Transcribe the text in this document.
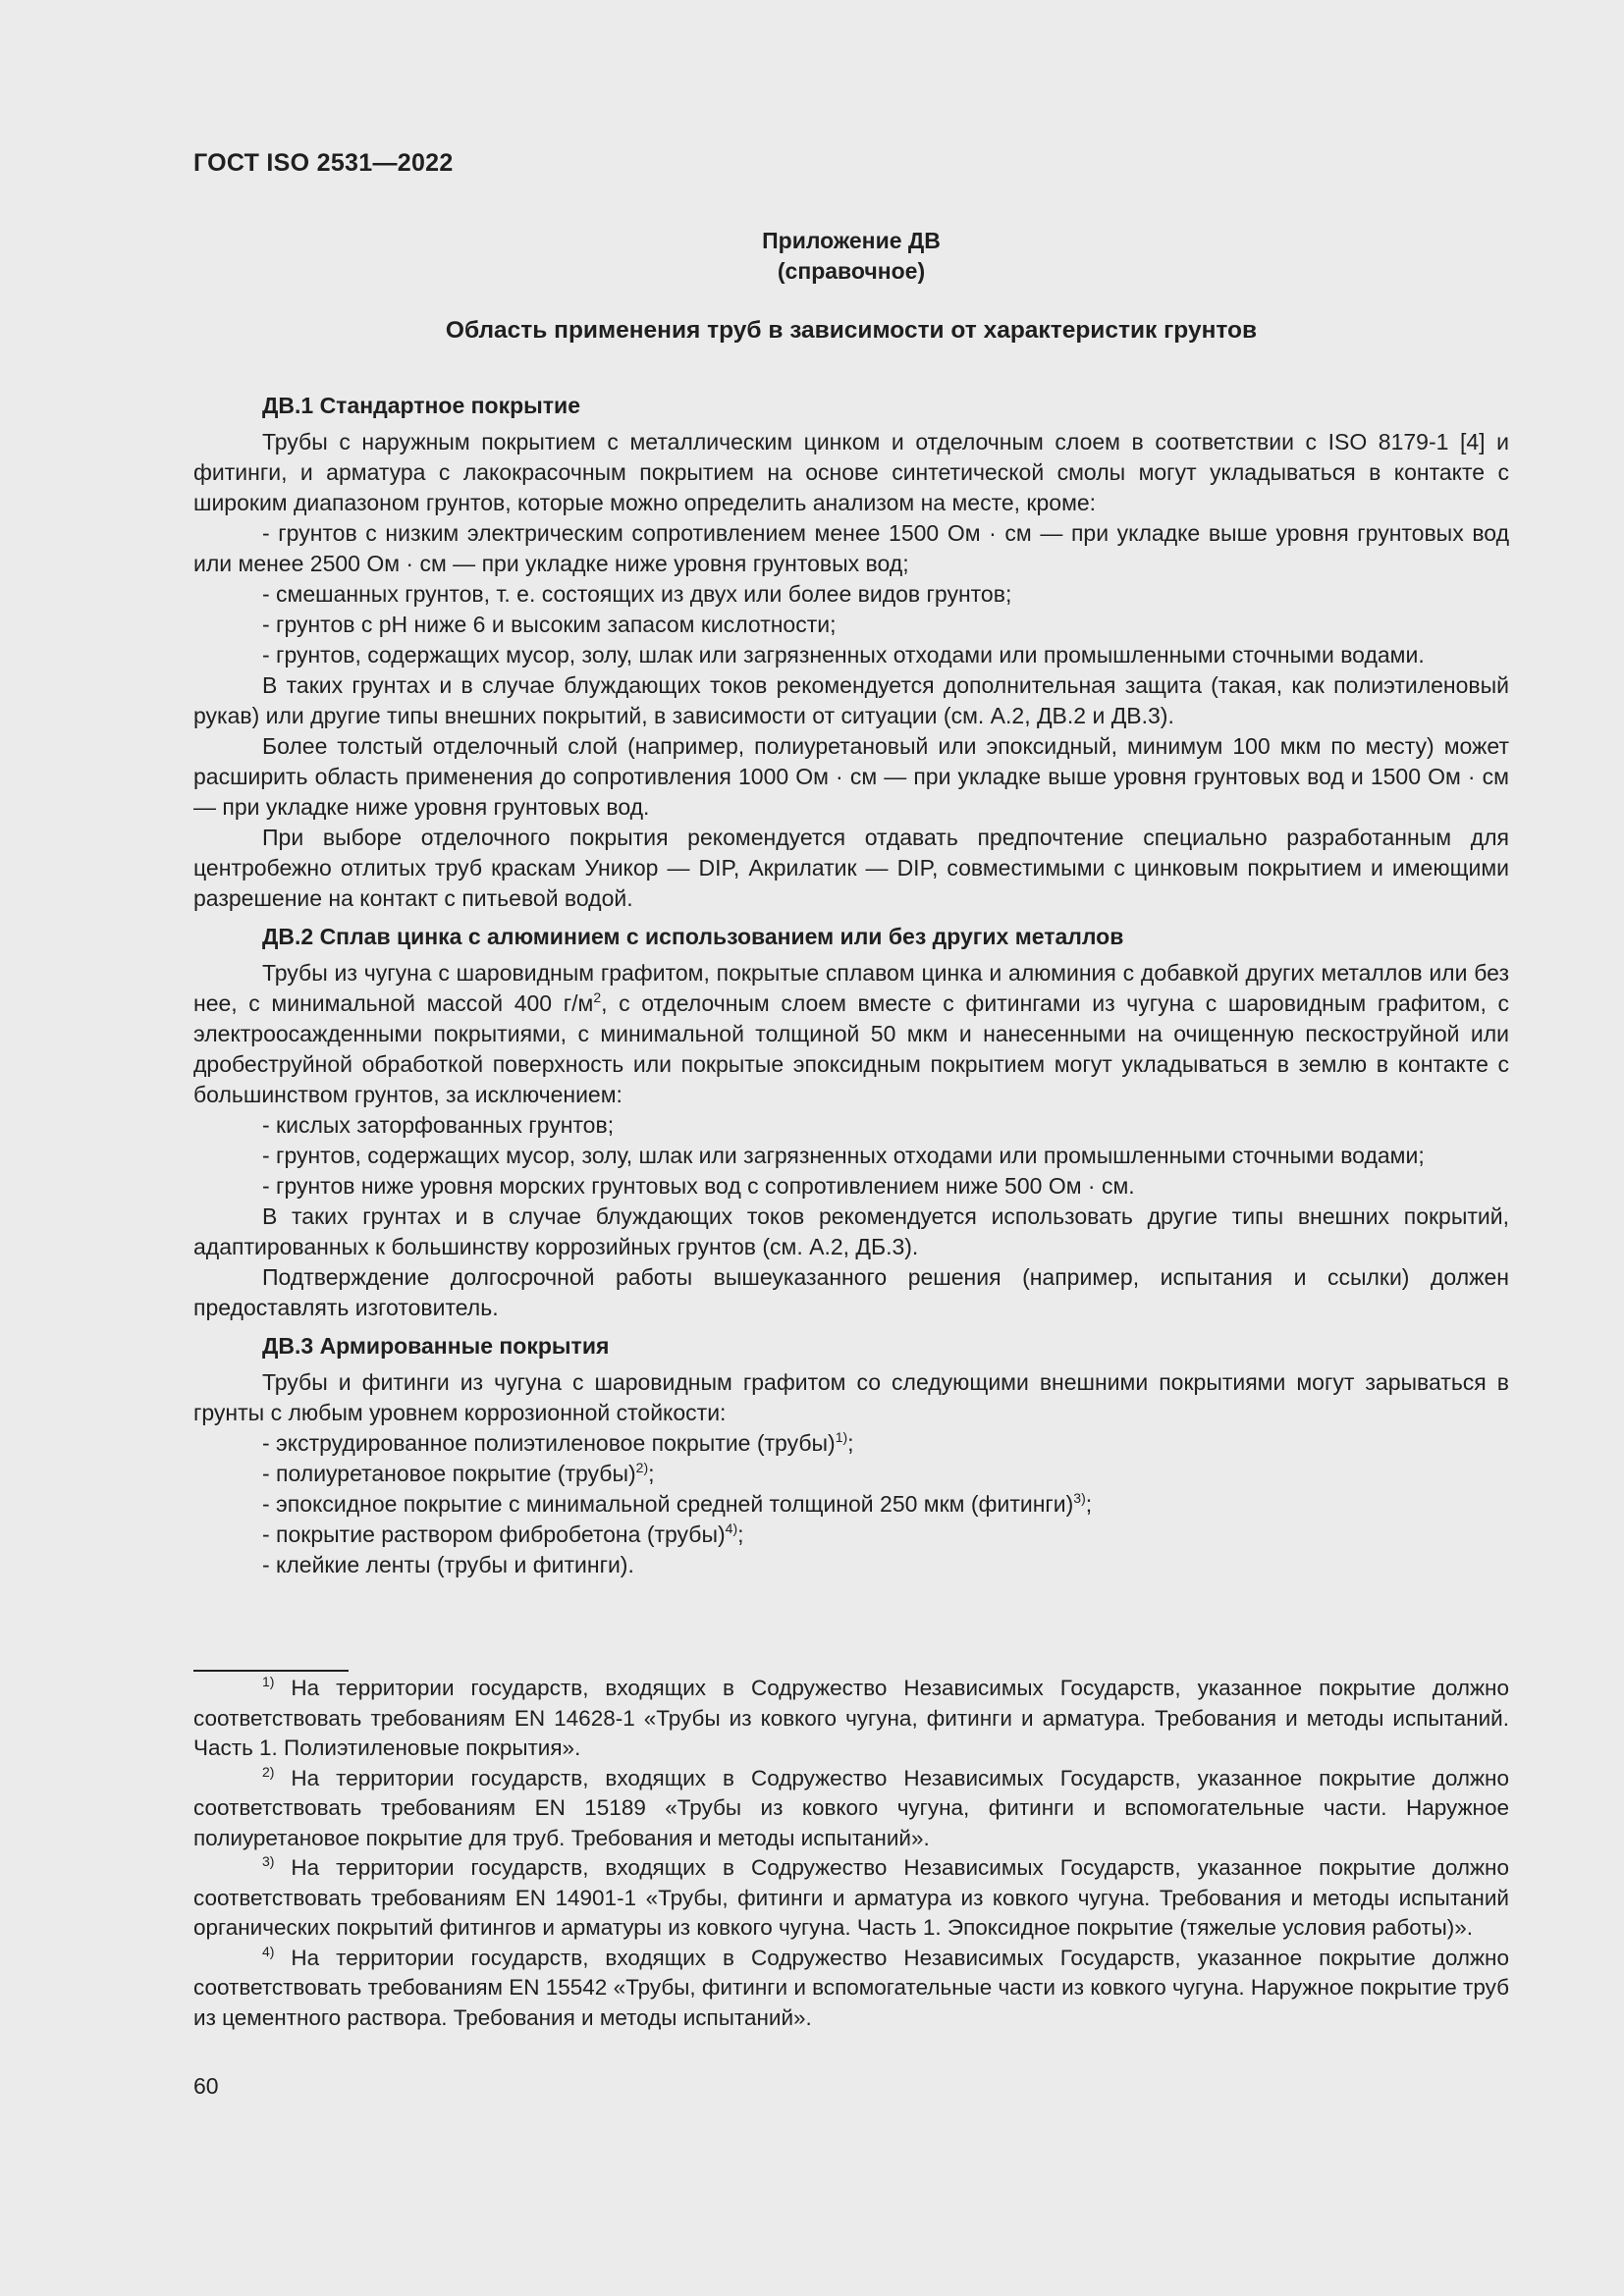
ГОСТ ISO 2531—2022
Приложение ДВ
(справочное)
Область применения труб в зависимости от характеристик грунтов
ДВ.1 Стандартное покрытие

Трубы с наружным покрытием с металлическим цинком и отделочным слоем в соответствии с ISO 8179-1 [4] и фитинги, и арматура с лакокрасочным покрытием на основе синтетической смолы могут укладываться в контакте с широким диапазоном грунтов, которые можно определить анализом на месте, кроме:

- грунтов с низким электрическим сопротивлением менее 1500 Ом · см — при укладке выше уровня грунтовых вод или менее 2500 Ом · см — при укладке ниже уровня грунтовых вод;

- смешанных грунтов, т. е. состоящих из двух или более видов грунтов;

- грунтов с pH ниже 6 и высоким запасом кислотности;

- грунтов, содержащих мусор, золу, шлак или загрязненных отходами или промышленными сточными водами.

В таких грунтах и в случае блуждающих токов рекомендуется дополнительная защита (такая, как полиэтиленовый рукав) или другие типы внешних покрытий, в зависимости от ситуации (см. А.2, ДВ.2 и ДВ.3).

Более толстый отделочный слой (например, полиуретановый или эпоксидный, минимум 100 мкм по месту) может расширить область применения до сопротивления 1000 Ом · см — при укладке выше уровня грунтовых вод и 1500 Ом · см — при укладке ниже уровня грунтовых вод.

При выборе отделочного покрытия рекомендуется отдавать предпочтение специально разработанным для центробежно отлитых труб краскам Уникор — DIP, Акрилатик — DIP, совместимыми с цинковым покрытием и имеющими разрешение на контакт с питьевой водой.

ДВ.2 Сплав цинка с алюминием с использованием или без других металлов

Трубы из чугуна с шаровидным графитом, покрытые сплавом цинка и алюминия с добавкой других металлов или без нее, с минимальной массой 400 $г/м^2$, с отделочным слоем вместе с фитингами из чугуна с шаровидным графитом, с электроосажденными покрытиями, с минимальной толщиной 50 мкм и нанесенными на очищенную пескоструйной или дробеструйной обработкой поверхность или покрытые эпоксидным покрытием могут укладываться в землю в контакте с большинством грунтов, за исключением:

- кислых заторфованных грунтов;

- грунтов, содержащих мусор, золу, шлак или загрязненных отходами или промышленными сточными водами;

- грунтов ниже уровня морских грунтовых вод с сопротивлением ниже 500 Ом · см.

В таких грунтах и в случае блуждающих токов рекомендуется использовать другие типы внешних покрытий, адаптированных к большинству коррозийных грунтов (см. А.2, ДБ.3).

Подтверждение долгосрочной работы вышеуказанного решения (например, испытания и ссылки) должен предоставлять изготовитель.

ДВ.3 Армированные покрытия

Трубы и фитинги из чугуна с шаровидным графитом со следующими внешними покрытиями могут зарываться в грунты с любым уровнем коррозионной стойкости:

- экструдированное полиэтиленовое покрытие (трубы)$^{1)}$;

- полиуретановое покрытие (трубы)$^{2)}$;

- эпоксидное покрытие с минимальной средней толщиной 250 мкм (фитинги)$^{3)}$;

- покрытие раствором фибробетона (трубы)$^{4)}$;

- клейкие ленты (трубы и фитинги).

$^{1)}$ На территории государств, входящих в Содружество Независимых Государств, указанное покрытие должно соответствовать требованиям EN 14628-1 «Трубы из ковкого чугуна, фитинги и арматура. Требования и методы испытаний. Часть 1. Полиэтиленовые покрытия».

$^{2)}$ На территории государств, входящих в Содружество Независимых Государств, указанное покрытие должно соответствовать требованиям EN 15189 «Трубы из ковкого чугуна, фитинги и вспомогательные части. Наружное полиуретановое покрытие для труб. Требования и методы испытаний».

$^{3)}$ На территории государств, входящих в Содружество Независимых Государств, указанное покрытие должно соответствовать требованиям EN 14901-1 «Трубы, фитинги и арматура из ковкого чугуна. Требования и методы испытаний органических покрытий фитингов и арматуры из ковкого чугуна. Часть 1. Эпоксидное покрытие (тяжелые условия работы)».

$^{4)}$ На территории государств, входящих в Содружество Независимых Государств, указанное покрытие должно соответствовать требованиям EN 15542 «Трубы, фитинги и вспомогательные части из ковкого чугуна. Наружное покрытие труб из цементного раствора. Требования и методы испытаний».

60
